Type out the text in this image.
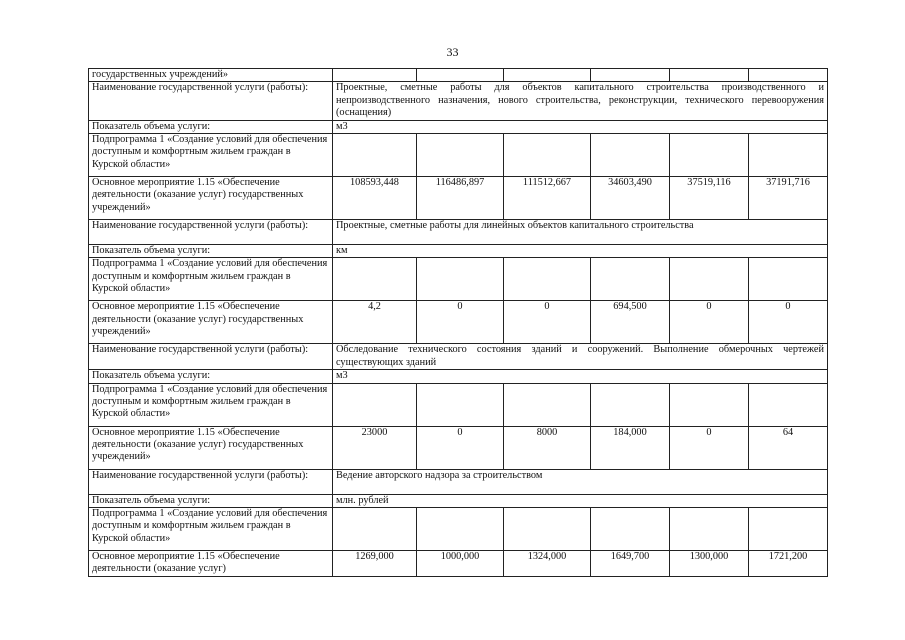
33
государственных учреждений»						
Наименование государственной услуги (работы):	Проектные, сметные работы для объектов капитального строительства производственного и непроизводственного назначения, нового строительства, реконструкции, технического перевооружения (оснащения)					
Показатель объема услуги:	м3					
Подпрограмма 1 «Создание условий для обеспечения доступным и комфортным жильем граждан в Курской области»						
Основное мероприятие 1.15 «Обеспечение деятельности (оказание услуг) государственных учреждений»	108593,448	116486,897	111512,667	34603,490	37519,116	37191,716
Наименование государственной услуги (работы):	Проектные, сметные работы для линейных объектов капитального строительства					
Показатель объема услуги:	км					
Подпрограмма 1 «Создание условий для обеспечения доступным и комфортным жильем граждан в Курской области»						
Основное мероприятие 1.15 «Обеспечение деятельности (оказание услуг) государственных учреждений»	4,2	0	0	694,500	0	0
Наименование государственной услуги (работы):	Обследование технического состояния зданий и сооружений. Выполнение обмерочных чертежей существующих зданий					
Показатель объема услуги:	м3					
Подпрограмма 1 «Создание условий для обеспечения доступным и комфортным жильем граждан в Курской области»						
Основное мероприятие 1.15 «Обеспечение деятельности (оказание услуг) государственных учреждений»	23000	0	8000	184,000	0	64
Наименование государственной услуги (работы):	Ведение авторского надзора за строительством					
Показатель объема услуги:	млн. рублей					
Подпрограмма 1 «Создание условий для обеспечения доступным и комфортным жильем граждан в Курской области»						
Основное мероприятие 1.15 «Обеспечение деятельности (оказание услуг)	1269,000	1000,000	1324,000	1649,700	1300,000	1721,200
